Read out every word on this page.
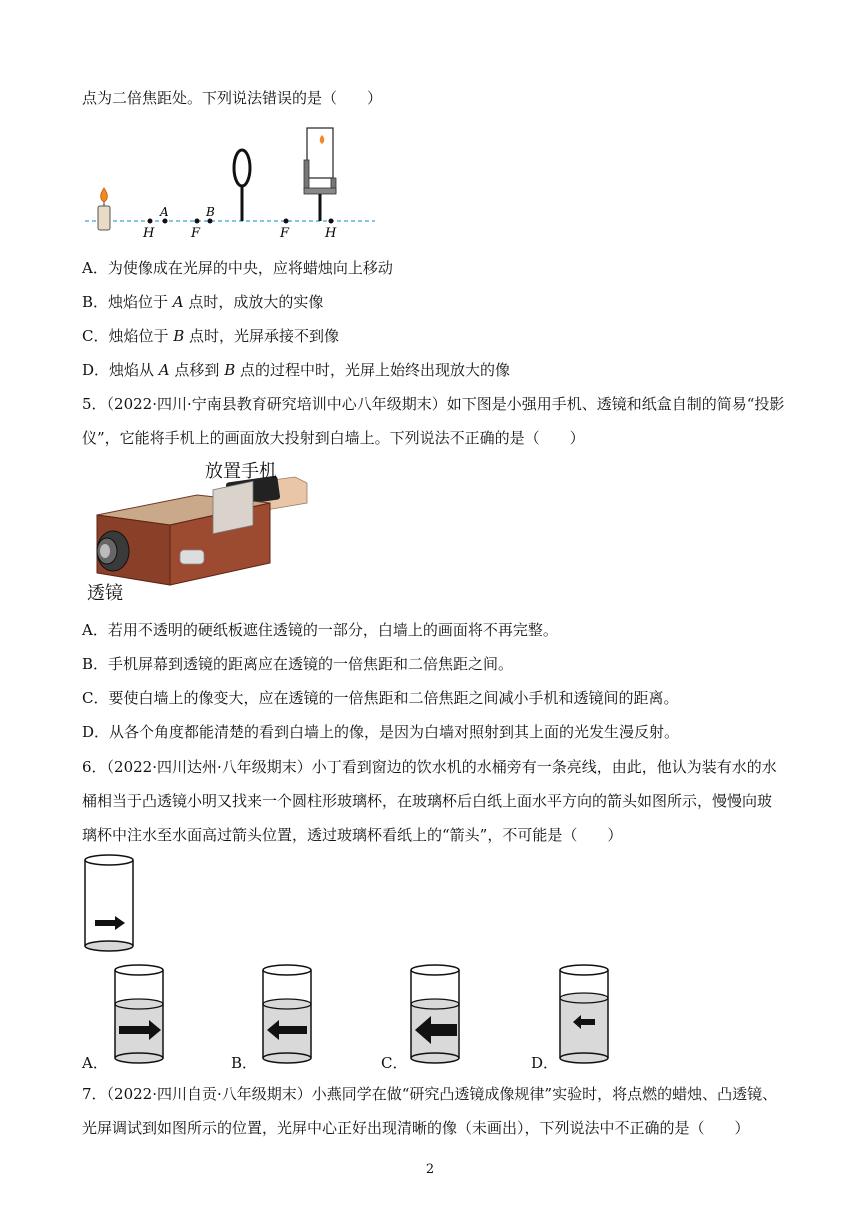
点为二倍焦距处。下列说法错误的是（　　）
A	B
H	F	F	H
A．为使像成在光屏的中央，应将蜡烛向上移动
B．烛焰位于 A 点时，成放大的实像
C．烛焰位于 B 点时，光屏承接不到像
D．烛焰从 A 点移到 B 点的过程中时，光屏上始终出现放大的像
5．（2022·四川·宁南县教育研究培训中心八年级期末）如下图是小强用手机、透镜和纸盒自制的简易“投影
仪”，它能将手机上的画面放大投射到白墙上。下列说法不正确的是（　　）
放置手机
透镜
A．若用不透明的硬纸板遮住透镜的一部分，白墙上的画面将不再完整。
B．手机屏幕到透镜的距离应在透镜的一倍焦距和二倍焦距之间。
C．要使白墙上的像变大，应在透镜的一倍焦距和二倍焦距之间减小手机和透镜间的距离。
D．从各个角度都能清楚的看到白墙上的像，是因为白墙对照射到其上面的光发生漫反射。
6．（2022·四川达州·八年级期末）小丁看到窗边的饮水机的水桶旁有一条亮线，由此，他认为装有水的水桶相当于凸透镜小明又找来一个圆柱形玻璃杯，在玻璃杯后白纸上面水平方向的箭头如图所示，慢慢向玻璃杯中注水至水面高过箭头位置，透过玻璃杯看纸上的“箭头”，不可能是（　　）
A．	B．	C．	D．
7．（2022·四川自贡·八年级期末）小燕同学在做“研究凸透镜成像规律”实验时，将点燃的蜡烛、凸透镜、
光屏调试到如图所示的位置，光屏中心正好出现清晰的像（未画出），下列说法中不正确的是（　　）
2
